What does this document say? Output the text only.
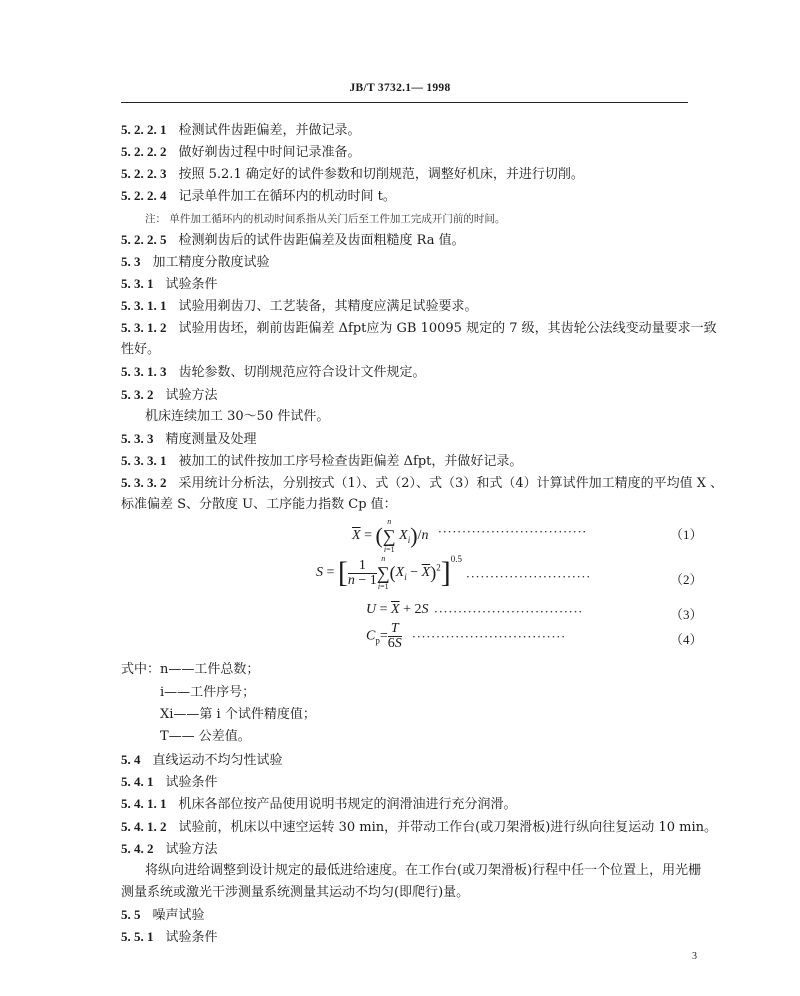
JB/T 3732.1— 1998
5. 2. 2. 1 检测试件齿距偏差，并做记录。
5. 2. 2. 2 做好剃齿过程中时间记录准备。
5. 2. 2. 3 按照 5.2.1 确定好的试件参数和切削规范，调整好机床，并进行切削。
5. 2. 2. 4 记录单件加工在循环内的机动时间 t。
注： 单件加工循环内的机动时间系指从关门后至工件加工完成开门前的时间。
5. 2. 2. 5 检测剃齿后的试件齿距偏差及齿面粗糙度 Ra 值。
5. 3 加工精度分散度试验
5. 3. 1 试验条件
5. 3. 1. 1 试验用剃齿刀、工艺装备，其精度应满足试验要求。
5. 3. 1. 2 试验用齿坯，剃前齿距偏差 Δfpt应为 GB 10095 规定的 7 级，其齿轮公法线变动量要求一致
性好。
5. 3. 1. 3 齿轮参数、切削规范应符合设计文件规定。
5. 3. 2 试验方法
机床连续加工 30～50 件试件。
5. 3. 3 精度测量及处理
5. 3. 3. 1 被加工的试件按加工序号检查齿距偏差 Δfpt，并做好记录。
5. 3. 3. 2 采用统计分析法，分别按式（1）、式（2）、式（3）和式（4）计算试件加工精度的平均值 X 、
标准偏差 S、分散度 U、工序能力指数 Cp 值：
$\overline{X}$ = (
n
∑
i=1
$X_i)/n$ ·······························	（1）
S = [ $\frac{1}{n - 1}$ n
∑
i=1
$(X_i - \overline{X})^2]^{0.5}$
··························	（2）
$U = \overline{X} + 2S$ ·······························	（3）
$C_p= \frac{T}{6S}$ ································	（4）
式中：n——工件总数；
i——工件序号；
Xi——第 i 个试件精度值；
T—— 公差值。
5. 4 直线运动不均匀性试验
5. 4. 1 试验条件
5. 4. 1. 1 机床各部位按产品使用说明书规定的润滑油进行充分润滑。
5. 4. 1. 2 试验前，机床以中速空运转 30 min，并带动工作台(或刀架滑板)进行纵向往复运动 10 min。
5. 4. 2 试验方法
将纵向进给调整到设计规定的最低进给速度。在工作台(或刀架滑板)行程中任一个位置上，用光栅
测量系统或激光干涉测量系统测量其运动不均匀(即爬行)量。
5. 5 噪声试验
5. 5. 1 试验条件
3
